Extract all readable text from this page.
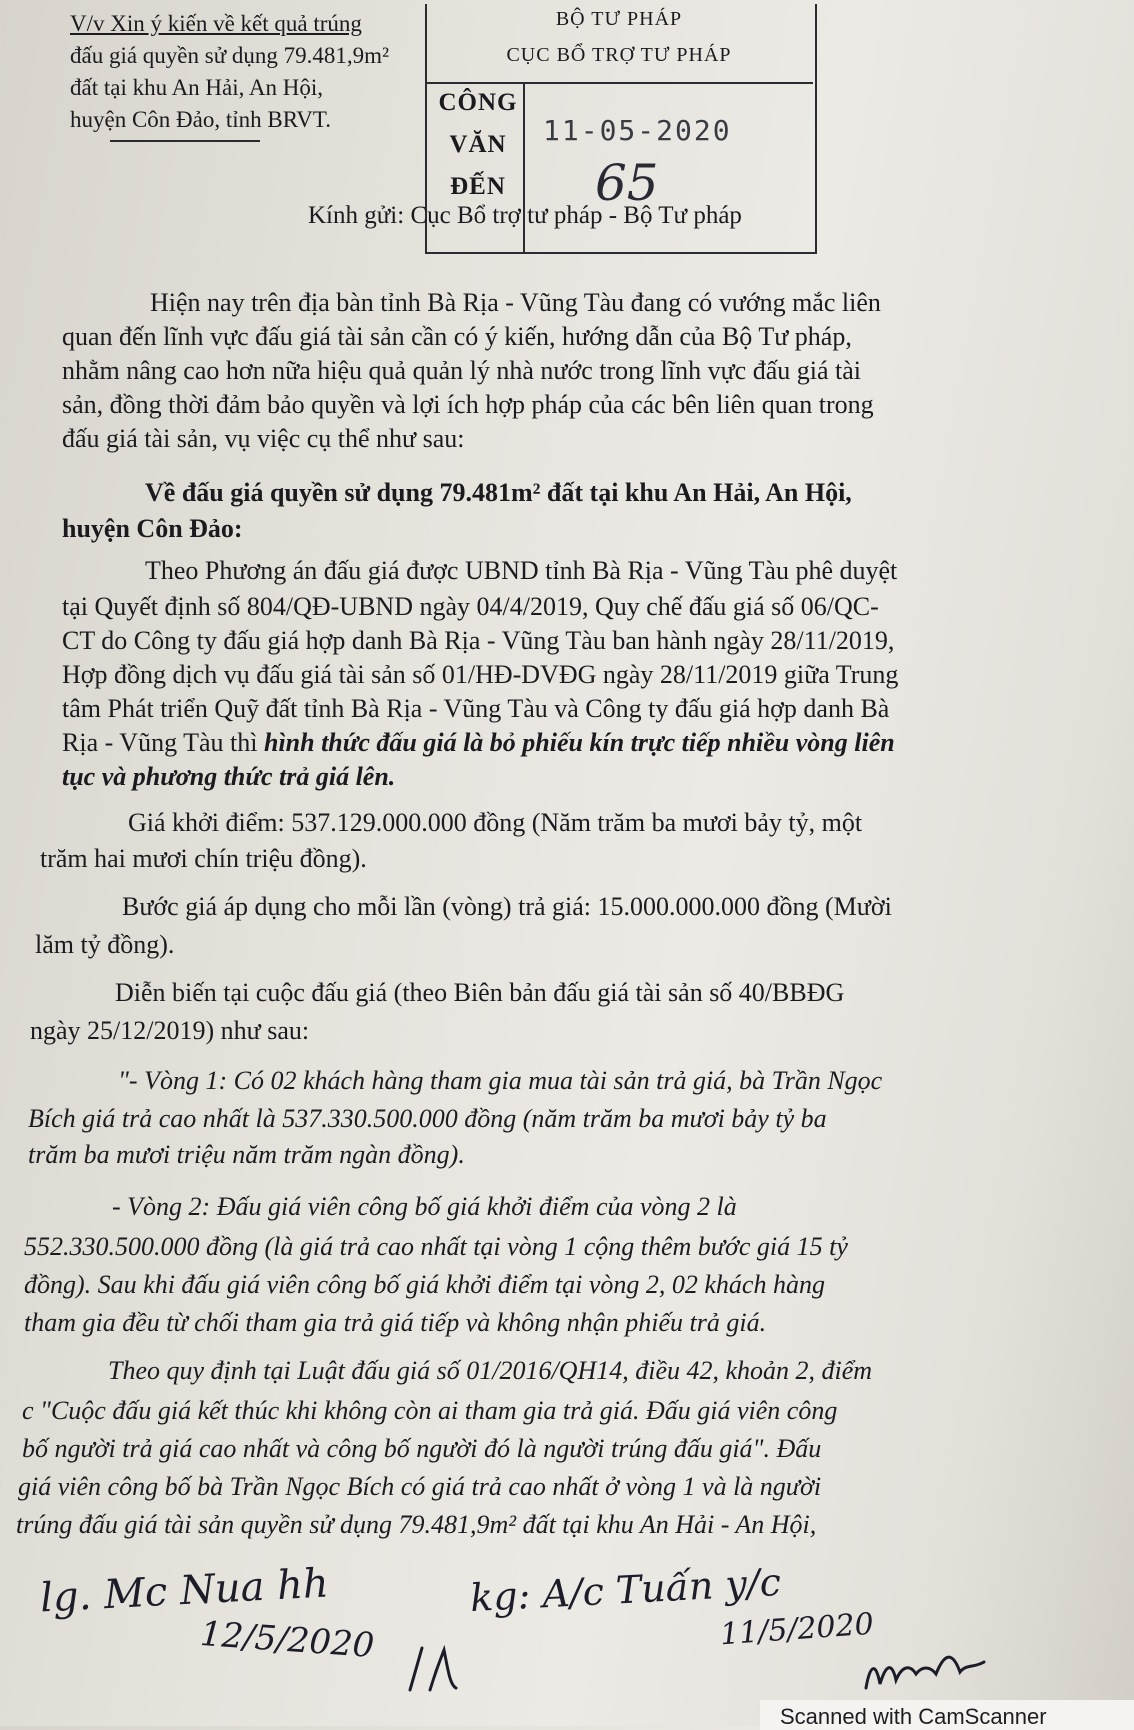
V/v Xin ý kiến về kết quả trúng
đấu giá quyền sử dụng 79.481,9m²
đất tại khu An Hải, An Hội,
huyện Côn Đảo, tỉnh BRVT.
BỘ TƯ PHÁP
CỤC BỔ TRỢ TƯ PHÁP
CÔNG
VĂN
ĐẾN
11-05-2020
65
Kính gửi: Cục Bổ trợ tư pháp - Bộ Tư pháp
Hiện nay trên địa bàn tỉnh Bà Rịa - Vũng Tàu đang có vướng mắc liên
quan đến lĩnh vực đấu giá tài sản cần có ý kiến, hướng dẫn của Bộ Tư pháp,
nhằm nâng cao hơn nữa hiệu quả quản lý nhà nước trong lĩnh vực đấu giá tài
sản, đồng thời đảm bảo quyền và lợi ích hợp pháp của các bên liên quan trong
đấu giá tài sản, vụ việc cụ thể như sau:
Về đấu giá quyền sử dụng 79.481m² đất tại khu An Hải, An Hội,
huyện Côn Đảo:
Theo Phương án đấu giá được UBND tỉnh Bà Rịa - Vũng Tàu phê duyệt
tại Quyết định số 804/QĐ-UBND ngày 04/4/2019, Quy chế đấu giá số 06/QC-
CT do Công ty đấu giá hợp danh Bà Rịa - Vũng Tàu ban hành ngày 28/11/2019,
Hợp đồng dịch vụ đấu giá tài sản số 01/HĐ-DVĐG ngày 28/11/2019 giữa Trung
tâm Phát triển Quỹ đất tỉnh Bà Rịa - Vũng Tàu và Công ty đấu giá hợp danh Bà
Rịa - Vũng Tàu thì hình thức đấu giá là bỏ phiếu kín trực tiếp nhiều vòng liên
tục và phương thức trả giá lên.
Giá khởi điểm: 537.129.000.000 đồng (Năm trăm ba mươi bảy tỷ, một
trăm hai mươi chín triệu đồng).
Bước giá áp dụng cho mỗi lần (vòng) trả giá: 15.000.000.000 đồng (Mười
lăm tỷ đồng).
Diễn biến tại cuộc đấu giá (theo Biên bản đấu giá tài sản số 40/BBĐG
ngày 25/12/2019) như sau:
"- Vòng 1: Có 02 khách hàng tham gia mua tài sản trả giá, bà Trần Ngọc
Bích giá trả cao nhất là 537.330.500.000 đồng (năm trăm ba mươi bảy tỷ ba
trăm ba mươi triệu năm trăm ngàn đồng).
- Vòng 2: Đấu giá viên công bố giá khởi điểm của vòng 2 là
552.330.500.000 đồng (là giá trả cao nhất tại vòng 1 cộng thêm bước giá 15 tỷ
đồng). Sau khi đấu giá viên công bố giá khởi điểm tại vòng 2, 02 khách hàng
tham gia đều từ chối tham gia trả giá tiếp và không nhận phiếu trả giá.
Theo quy định tại Luật đấu giá số 01/2016/QH14, điều 42, khoản 2, điểm
c "Cuộc đấu giá kết thúc khi không còn ai tham gia trả giá. Đấu giá viên công
bố người trả giá cao nhất và công bố người đó là người trúng đấu giá". Đấu
giá viên công bố bà Trần Ngọc Bích có giá trả cao nhất ở vòng 1 và là người
trúng đấu giá tài sản quyền sử dụng 79.481,9m² đất tại khu An Hải - An Hội,
lg. Mc Nua hh
12/5/2020
kg: A/c Tuấn y/c
11/5/2020
Scanned with CamScanner
